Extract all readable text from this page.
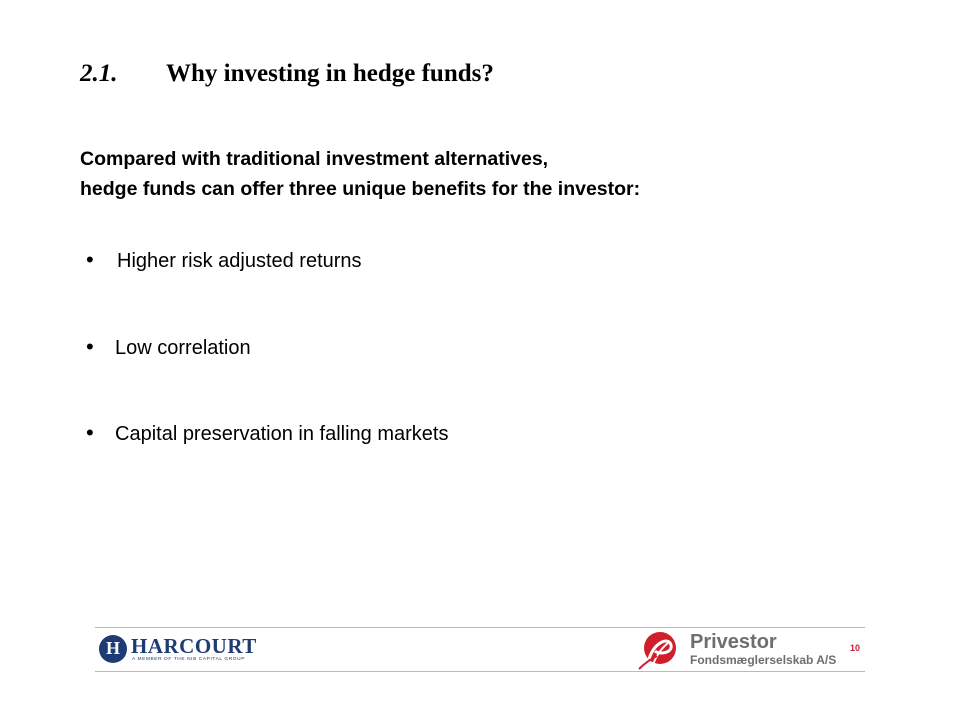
2.1. Why investing in hedge funds?
Compared with traditional investment alternatives,
hedge funds can offer three unique benefits for the investor:
• Higher risk adjusted returns
• Low correlation
• Capital preservation in falling markets
H HARCOURT
A MEMBER OF THE NIB CAPITAL GROUP
Privestor
Fondsmæglerselskab A/S
10
